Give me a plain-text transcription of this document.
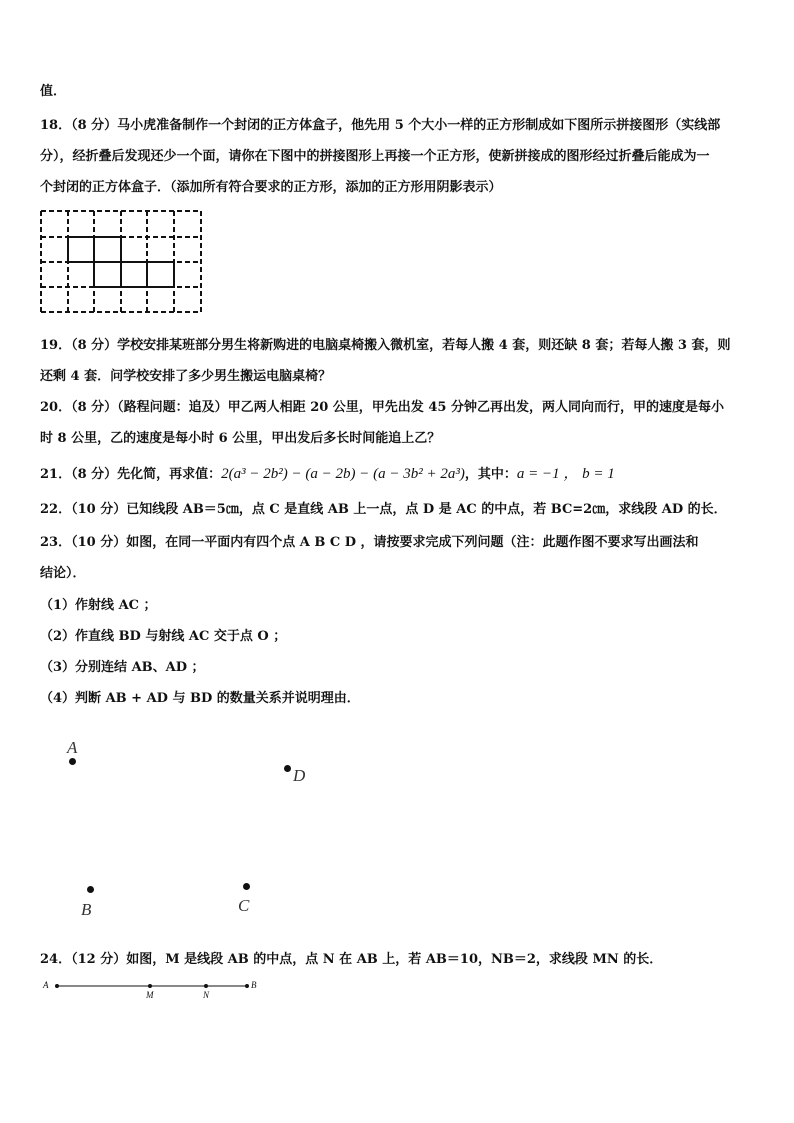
值．
18．（8 分）马小虎准备制作一个封闭的正方体盒子，他先用 5 个大小一样的正方形制成如下图所示拼接图形（实线部
分），经折叠后发现还少一个面，请你在下图中的拼接图形上再接一个正方形，使新拼接成的图形经过折叠后能成为一
个封闭的正方体盒子．（添加所有符合要求的正方形，添加的正方形用阴影表示）
19．（8 分）学校安排某班部分男生将新购进的电脑桌椅搬入微机室，若每人搬 4 套，则还缺 8 套；若每人搬 3 套，则
还剩 4 套．问学校安排了多少男生搬运电脑桌椅？
20．（8 分）（路程问题：追及）甲乙两人相距 20 公里，甲先出发 45 分钟乙再出发，两人同向而行，甲的速度是每小
时 8 公里，乙的速度是每小时 6 公里，甲出发后多长时间能追上乙？
21．（8 分）先化简，再求值：2(a³ − 2b²) − (a − 2b) − (a − 3b² + 2a³)，其中：a = −1 ， b = 1
22．（10 分）已知线段 AB＝5㎝，点 C 是直线 AB 上一点，点 D 是 AC 的中点，若 BC=2㎝，求线段 AD 的长．
23．（10 分）如图，在同一平面内有四个点 A B C D ，请按要求完成下列问题（注：此题作图不要求写出画法和
结论）．
（1）作射线 AC ；
（2）作直线 BD 与射线 AC 交于点 O ；
（3）分别连结 AB、AD ；
（4）判断 AB + AD 与 BD 的数量关系并说明理由．
A
D
B	C
24．（12 分）如图，M 是线段 AB 的中点，点 N 在 AB 上，若 AB＝10，NB＝2，求线段 MN 的长．
A
M	N
B
